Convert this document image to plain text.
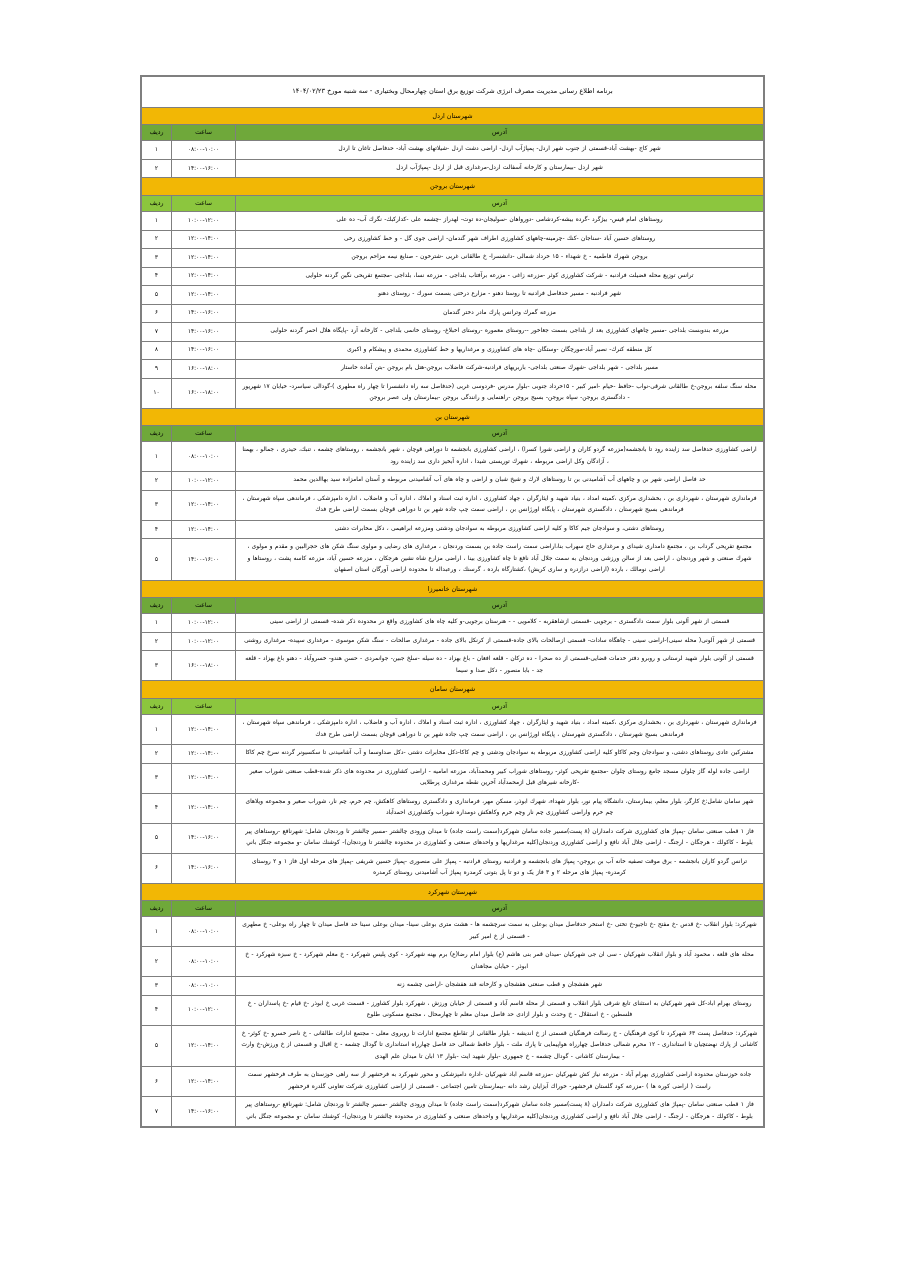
برنامه اطلاع رسانی مدیریت مصرف انرژی شرکت توزیع برق استان چهارمحال وبختیاری - سه شنبه مورخ ۱۴۰۴/۰۲/۲۳		
شهرستان اردل		
آدرس	ساعت	ردیف
شهر کاج -بهشت آباد-قسمتی از جنوب شهر اردل- پمپاژآب اردل- اراضی دشت اردل -شیلاتهای بهشت آباد- حدفاصل تاغان تا اردل	۰۸:۰۰-۱۰:۰۰	۱
شهر اردل -بیمارستان و کارخانه آسفالت اردل-مرغداری قبل از اردل -پمپاژآب اردل	۱۴:۰۰-۱۶:۰۰	۲
شهرستان بروجن		
آدرس	ساعت	ردیف
روستاهای امام قیس- بیژگرد -گرده بیشه-کردشامی -دورواهان -سولیجان-ده توت- لهدراز -چشمه علی -کداركبك- نگرك آب- ده علی	۱۰:۰۰-۱۲:۰۰	۱
روستاهای حسین آباد -سناجان -كنك -چرمينه-چاههای کشاورزی اطراف شهر گندمان- اراضی جوی گل - و خط کشاورزی رخی	۱۲:۰۰-۱۴:۰۰	۲
بروجن شهرك فاطميه - خ شهداء - ۱۵ خرداد شمالی -دانشسرا- خ طالقانی غربی -شترخون - صنایع نیمه مزاحم بروجن	۱۲:۰۰-۱۴:۰۰	۳
ترانس توزیع محله فضیلت فرادنبه - شرکت کشاورزی کوثر -مزرعه زاغی - مزرعه برآفتاب بلداجی - مزرعه نسا، بلداجی -مجتمع تفریحی نگین گردنه حلوایی	۱۲:۰۰-۱۴:۰۰	۴
شهر فرادنبه - مسیر حدفاصل فرادنبه تا روستا دهنو - مزارع درختی بسمت سورك - روستای دهنو	۱۲:۰۰-۱۴:۰۰	۵
مزرعه گمرك وترانس پارك مادر دختر گندمان	۱۴:۰۰-۱۶:۰۰	۶
مزرعه بندوبست بلداجی -مسیر چاههای کشاورزی بعد از بلداجی بسمت جغاخور --روستای معموره -روستای اخبلاغ- روستای خانمی بلداجی - کارخانه آرد -پایگاه هلال احمر گردنه حلوایی	۱۴:۰۰-۱۶:۰۰	۷
کل منطقه کنرك- نصیر آباد-مورچگان -وستگان -چاه های کشاورزی و مرغداریها و خط کشاورزی محمدی و پیشکام و اکبری	۱۴:۰۰-۱۶:۰۰	۸
مسیر بلداجی - شهر بلداجی -شهرك صنعتی بلداجی- باربریهای فرادنبه-شرکت فاضلاب بروجن-هتل بام بروجن -بتن آماده خاستار	۱۶:۰۰-۱۸:۰۰	۹
محله سنگ سلفه بروجن-خ طالقانی شرقی-نواب -حافظ -خیام -امیر کبیر - ۱۵خرداد جنوبی -بلوار مدرس -فردوسی غربی (حدفاصل سه راه دانشسرا تا چهار راه مطهری )-گودالی سیاسرد- خیابان ۱۷ شهریور - دادگستری بروجن- سپاه بروجن- بسیج بروجن -راهنمایی و رانندگی بروجن -بیمارستان ولی عصر بروجن	۱۶:۰۰-۱۸:۰۰	۱۰
شهرستان بن		
آدرس	ساعت	ردیف
اراضی کشاورزی حدفاصل سد زاینده رود تا بانجشمه(مزرعه گردو کاران و اراضی شورا کسرا) ، اراضی کشاورزی بانجشمه تا دوراهی قوچان ، شهر بانجشمه ، روستاهای چشمه ، تنبك، حیدری ، جمالو ، بهمنا ، آزادگان وكل اراضی مربوطه ، شهرك توریستی شیدا ، اداره آبخیز داری سد زاینده رود	۰۸:۰۰-۱۰:۰۰	۱
حد فاصل اراضی شهر بن و چاههای آب آشامیدنی بن تا روستاهای لارك و شیخ شبان و اراضی و چاه های آب آشامیدنی مربوطه و آستان امامزاده سید بهاالدین محمد	۱۰:۰۰-۱۲:۰۰	۲
فرمانداری شهرستان ، شهرداری بن ، بخشداری مرکزی ،کمیته امداد ، بنیاد شهید و ایثارگران ، جهاد کشاورزی ، اداره ثبت اسناد و املاك ، اداره آب و فاضلاب ، اداره دامپزشکی ، فرماندهی سپاه شهرستان ، فرماندهی بسیج شهرستان ، دادگستری شهرستان ، پایگاه اورژانس بن ، اراضی سمت چپ جاده شهر بن تا دوراهی قوچان بسمت اراضی طرح فدك	۱۲:۰۰-۱۴:۰۰	۳
روستاهای دشتی، و سوادجان جیم كاكا و کلیه اراضی کشاورزی مربوطه به سوادجان ودشتی ومزرعه ابراهیمی ، دكل مخابرات دشتی	۱۲:۰۰-۱۴:۰۰	۴
مجتمع تفریحی گرداب بن ، مجتمع دامداری شیدای و مرغداری حاج سهراب بنا،اراضی سمت راست جاده بن بسمت وردنجان ، مرغداری های رضایی و مولوی سنگ شکن های حجرالبین و مقدم و مولوی ، شهرك صنعتی و شهر وردنجان ، اراضی بعد از سالن ورزشی وردنجان به سمت جلال آباد نافع تا چاه کشاورزی بینا ، اراضی مزارع شاه نشین هرجکان ، مزرعه حسین آباد، مزرعه کاسه پشت ، روستاها و اراضی نومالك ، بارده (اراضی درازدره و ساری كریش) ،كشتارگاه بارده ، گرسنك ، ورعبداله تا محدوده اراضی آورگان استان اصفهان	۱۴:۰۰-۱۶:۰۰	۵
شهرستان خانمیرزا		
آدرس	ساعت	ردیف
قسمتی از شهر آلونی بلوار سمت دادگستری - برجویی -قسمتی ازشاهقربه - كلامويى - - هنرستان برجویی-و کلیه چاه های کشاورزی واقع در محدوده ذکر شده- قسمتی از اراضی سینی	۱۰:۰۰-۱۲:۰۰	۱
قسمتی از شهر آلونی( محله سینی)-اراضی سینی - چاهگاه سادات- قسمتی ازصالحات بالای جاده-قسمتی از كرنكل بالای جاده - مرغداری صالحات - سنگ شكن موسوی - مرغداری سپیده- مرغداری روشنی	۱۰:۰۰-۱۲:۰۰	۲
قسمتی از آلونی بلوار شهید لرستانی و روبرو دفتر خدمات قضایی-قسمتی از ده صحرا - ده تركان - قلعه افغان - باغ بهزاد - ده سیله -سلخ جبین- جوانمردی - حسن هندو- خسروآباد - دهنو باغ بهزاد - قلعه جد - بابا منصور - دكل صدا و سیما	۱۶:۰۰-۱۸:۰۰	۳
شهرستان سامان		
آدرس	ساعت	ردیف
فرمانداری شهرستان ، شهرداری بن ، بخشداری مرکزی ،کمیته امداد ، بنیاد شهید و ایثارگران ، جهاد کشاورزی ، اداره ثبت اسناد و املاك ، اداره آب و فاضلاب ، اداره دامپزشکی ، فرماندهی سپاه شهرستان ، فرماندهی بسیج شهرستان ، دادگستری شهرستان ، پایگاه اورژانس بن ، اراضی سمت چپ جاده شهر بن تا دوراهی قوچان بسمت اراضی طرح فدك	۱۲:۰۰-۱۴:۰۰	۱
مشترکین عادی روستاهای دشتی، و سوادجان وجم كاكاو کلیه اراضی کشاورزی مربوطه به سوادجان ودشتی و چم كاكا-دكل مخابرات دشتی -دكل صداوسما و آب آشامیدنی تا سکسیونر گردنه سرخ چم كاكا	۱۲:۰۰-۱۴:۰۰	۲
اراضی جاده لوله گاز چلوان مسجد جامع روستای چلوان -مجتمع تفریحی کوثر- روستاهای شوراب کبیر ومحمدآباد، مزرعه امامیه - اراضی کشاورزی در محدوده های ذکر شده-قطب صنعتی شوراب صغیر -کارخانه شیرهای قبل ازمحمدآباد آخرین نقطه مرغداری پرطلایی	۱۲:۰۰-۱۴:۰۰	۳
شهر سامان شامل:خ كارگر، بلوار معلم، بیمارستان، دانشگاه پیام نور، بلوار شهداء، شهرك ابوذر، مسكن مهر، فرمانداری و دادگستری روستاهای كاهكش، چم خرم، چم نار، شوراب صغیر و مجموعه ویلاهای چم خرم واراضی کشاورزی چم نار وچم خرم وكاهكش دومداره شوراب وكشاورزی احمدآباد	۱۲:۰۰-۱۴:۰۰	۴
فاز ۱ قطب صنعتی سامان -پمپاژ های کشاورزی شرکت دامداران (۸ پست)مسیر جاده سامان شهرکرد(سمت راست جاده) تا میدان ورودی چالشتر -مسیر چالشتر تا وردنجان شامل: شهرنافع -روستاهای پیر بلوط - كاكولك - هرجگان - ارجنگ - اراضی جلال آباد نافع و اراضی کشاورزی وردنجان(کلیه مرغداریها و واحدهای صنعتی و کشاورزی در محدوده چالشتر تا وردنجان)- كوشنك سامان -و مجموعه جنگل باني	۱۴:۰۰-۱۶:۰۰	۵
ترانس گردو كاران بانجشمه - برق موقت تصفیه خانه آب بن بروجن- پمپاژ های بانجشمه و فرادنبه روستای فرادنبه - پمپاژ علی منصوری -پمپاژ حسین شریفی -پمپاژ های مرحله اول فاز ۱ و ۲ روستای كرمدره- پمپاژ های مرحله ۲ و ۳ فاز یک و دو تا پل بتونی کرمدره پمپاژ آب آشامیدنی روستای کرمدره	۱۴:۰۰-۱۶:۰۰	۶
شهرستان شهرکرد		
آدرس	ساعت	ردیف
شهرکرد: بلوار انقلاب -خ قدس -خ مفتح -خ تاجیو-خ تختی -خ استخر حدفاصل میدان بوعلی به سمت سرچشمه ها - هشت متری بوعلی سینا- میدان بوعلی سینا حد فاصل میدان تا چهار راه بوعلی- خ مطهری - قسمتی از خ امیر کبیر	۰۸:۰۰-۱۰:۰۰	۱
محله های قلعه ، محمود آباد و بلوار انقلاب شهرکیان - سی ان جی شهرکیان -میدان قمر بنی هاشم (ع) بلوار امام رضا(ع) برم بهنه شهرکرد - كوی پلیس شهرکرد - خ معلم شهرکرد - خ سبزه شهرکرد - خ ابوذر - خیابان مجاهدان	۰۸:۰۰-۱۰:۰۰	۲
شهر هفشجان و قطب صنعتی هفشجان و کارخانه قند هفشجان -اراضی چشمه زنه	۰۸:۰۰-۱۰:۰۰	۳
روستای بهرام اباد-كل شهر شهرکیان به استثنای تابع شرقی بلوار انقلاب و قسمتی از محله قاسم آباد و قسمتی از خیابان ورزش ، شهرکرد بلوار کشاورز - قسمت غربی خ ابوذر -خ قیام -خ پاسداران - خ فلسطین - خ استقلال - خ وحدت و بلوار ازادی حد فاصل میدان معلم تا چهارمحال ، مجتمع مسکونی طلوع	۱۰:۰۰-۱۲:۰۰	۴
شهرکرد: حدفاصل پست ۶۳ شهرکرد تا كوی فرهنگیان - خ رسالت فرهنگیان قسمتی از خ اندیشه - بلوار طالقانی از تقاطع مجتمع ادارات تا روبروی معلی - مجتمع ادارات طالقانی - خ ناصر خسرو -خ کوثر- خ کاشانی از پارك نهضتچیان تا استانداری - ۱۲ محرم شمالی حدفاصل چهارراه هواپیمایی تا پارك ملت - بلوار حافظ شمالی حد فاصل چهارراه استانداری تا گودال چشمه - خ اقبال و قسمتی از خ ورزش-خ وارث - بیمارستان کاشانی - گودال چشمه - خ جمهوری -بلوار شهید ایت -بلوار ۱۳ ابان تا میدان علم الهدی	۱۲:۰۰-۱۴:۰۰	۵
جاده خوزستان محدوده اراضی کشاورزی بهرام آباد - مزرعه نیاز كش شهرکیان -مزرعه قاسم اباد شهرکیان -اداره دامپزشکی و محور شهرکرد به فرخشهر از سه راهی خوزستان به طرف فرخشهر سمت راست ( اراضی کوره ها ) -مزرعه کود گلستان فرخشهر- خوراك آبزایان رشد دانه -بیمارستان تامین اجتماعی - قسمتی از اراضی کشاورزی شرکت تعاونی گلدره فرخشهر	۱۲:۰۰-۱۴:۰۰	۶
فاز ۱ قطب صنعتی سامان -پمپاژ های کشاورزی شرکت دامداران (۸ پست)مسیر جاده سامان شهرکرد(سمت راست جاده) تا میدان ورودی چالشتر -مسیر چالشتر تا وردنجان شامل: شهرنافع -روستاهای پیر بلوط - كاكولك - هرجگان - ارجنگ - اراضی جلال آباد نافع و اراضی کشاورزی وردنجان(کلیه مرغداریها و واحدهای صنعتی و کشاورزی در محدوده چالشتر تا وردنجان)- كوشنك سامان -و مجموعه جنگل باني	۱۴:۰۰-۱۶:۰۰	۷
